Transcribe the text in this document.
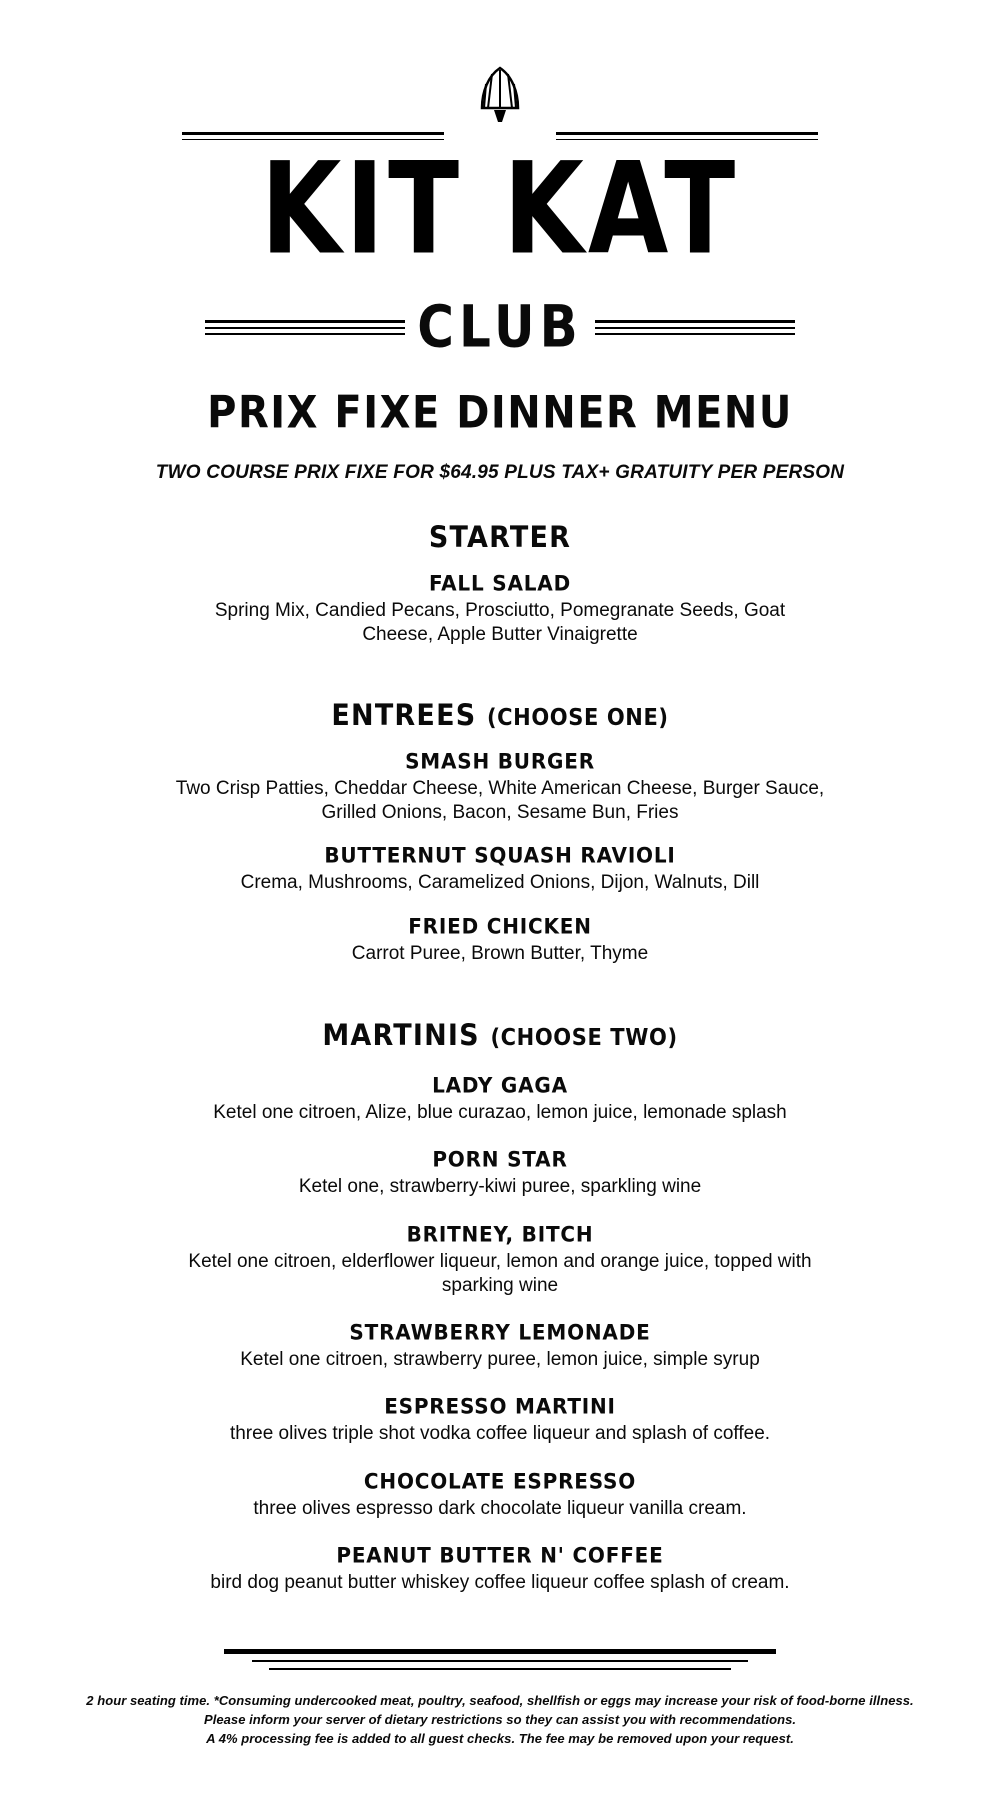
KIT KAT
CLUB
PRIX FIXE DINNER MENU
TWO COURSE PRIX FIXE FOR $64.95 PLUS TAX+ GRATUITY PER PERSON
STARTER
FALL SALAD
Spring Mix, Candied Pecans, Prosciutto, Pomegranate Seeds, Goat Cheese, Apple Butter Vinaigrette
ENTREES (CHOOSE ONE)
SMASH BURGER
Two Crisp Patties, Cheddar Cheese, White American Cheese, Burger Sauce, Grilled Onions, Bacon, Sesame Bun, Fries
BUTTERNUT SQUASH RAVIOLI
Crema, Mushrooms, Caramelized Onions, Dijon, Walnuts, Dill
FRIED CHICKEN
Carrot Puree, Brown Butter, Thyme
MARTINIS (CHOOSE TWO)
LADY GAGA
Ketel one citroen, Alize, blue curazao, lemon juice, lemonade splash
PORN STAR
Ketel one, strawberry-kiwi puree, sparkling wine
BRITNEY, BITCH
Ketel one citroen, elderflower liqueur, lemon and orange juice, topped with sparking wine
STRAWBERRY LEMONADE
Ketel one citroen, strawberry puree, lemon juice, simple syrup
ESPRESSO MARTINI
three olives triple shot vodka coffee liqueur and splash of coffee.
CHOCOLATE ESPRESSO
three olives espresso dark chocolate liqueur vanilla cream.
PEANUT BUTTER N' COFFEE
bird dog peanut butter whiskey coffee liqueur coffee splash of cream.
2 hour seating time. *Consuming undercooked meat, poultry, seafood, shellfish or eggs may increase your risk of food-borne illness.
Please inform your server of dietary restrictions so they can assist you with recommendations.
A 4% processing fee is added to all guest checks. The fee may be removed upon your request.
